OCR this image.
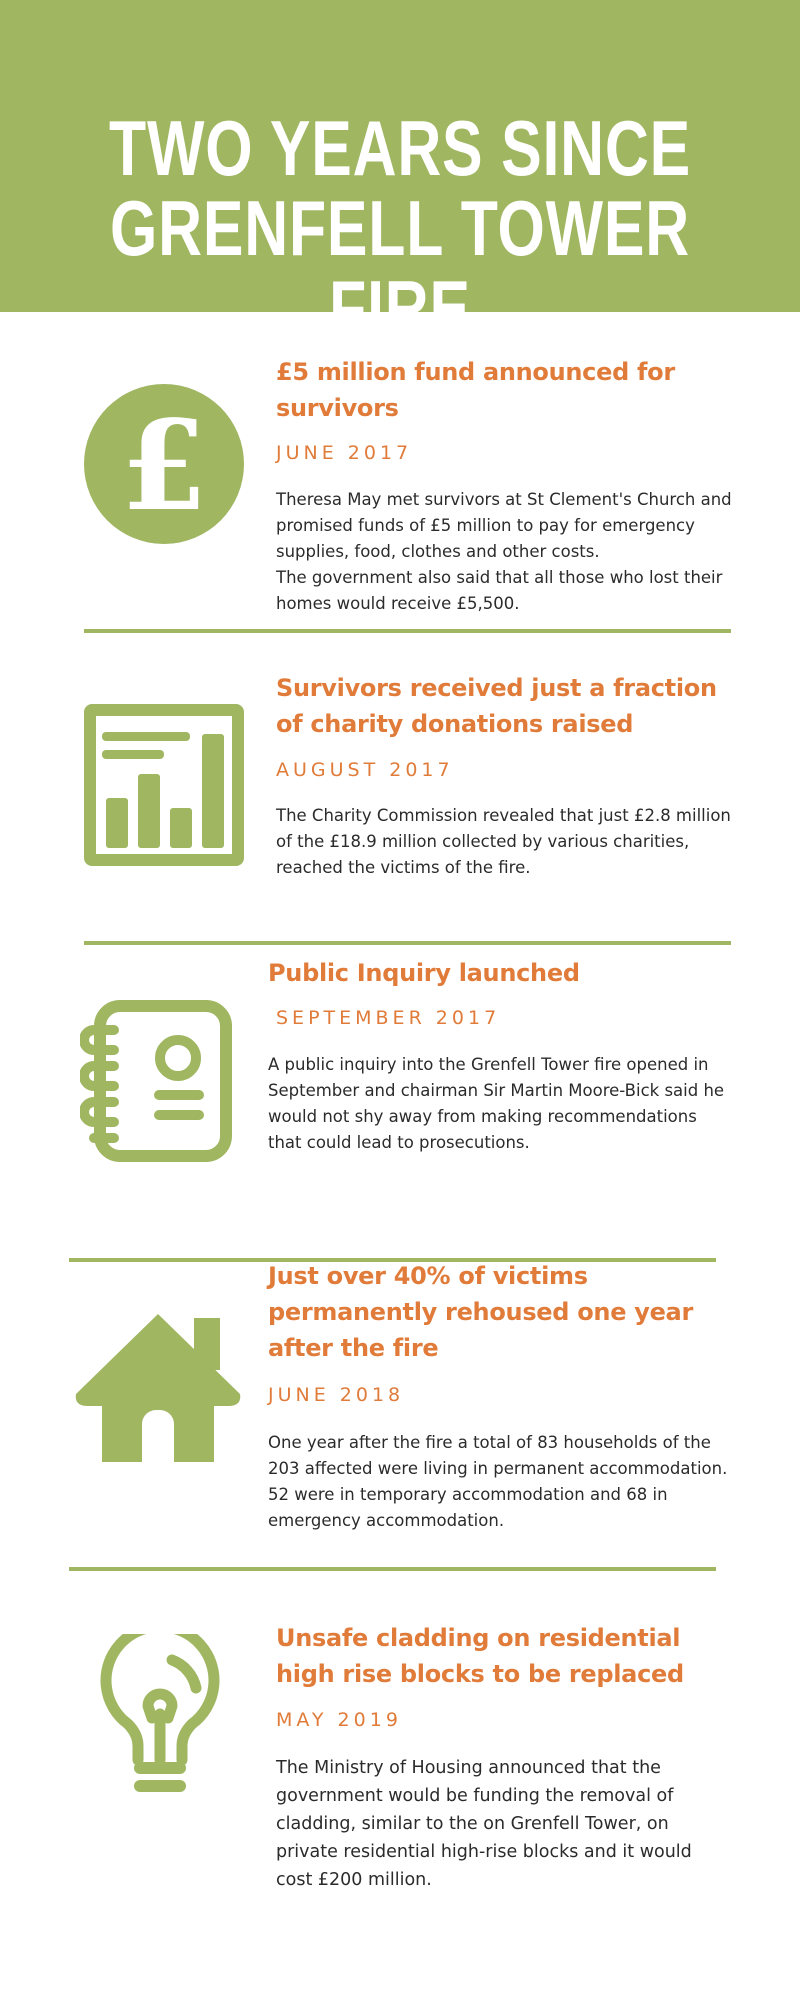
TWO YEARS SINCE
GRENFELL TOWER FIRE
£
£5 million fund announced for
survivors
JUNE 2017

Theresa May met survivors at St Clement's Church and promised funds of £5 million to pay for emergency supplies, food, clothes and other costs.

The government also said that all those who lost their homes would receive £5,500.

Survivors received just a fraction
of charity donations raised
AUGUST 2017

The Charity Commission revealed that just £2.8 million of the £18.9 million collected by various charities, reached the victims of the fire.

Public Inquiry launched
SEPTEMBER 2017

A public inquiry into the Grenfell Tower fire opened in September and chairman Sir Martin Moore-Bick said he would not shy away from making recommendations that could lead to prosecutions.

Just over 40% of victims
permanently rehoused one year
after the fire
JUNE 2018

One year after the fire a total of 83 households of the 203 affected were living in permanent accommodation.

52 were in temporary accommodation and 68 in emergency accommodation.

Unsafe cladding on residential
high rise blocks to be replaced
MAY 2019

The Ministry of Housing announced that the government would be funding the removal of cladding, similar to the on Grenfell Tower, on private residential high-rise blocks and it would cost £200 million.
